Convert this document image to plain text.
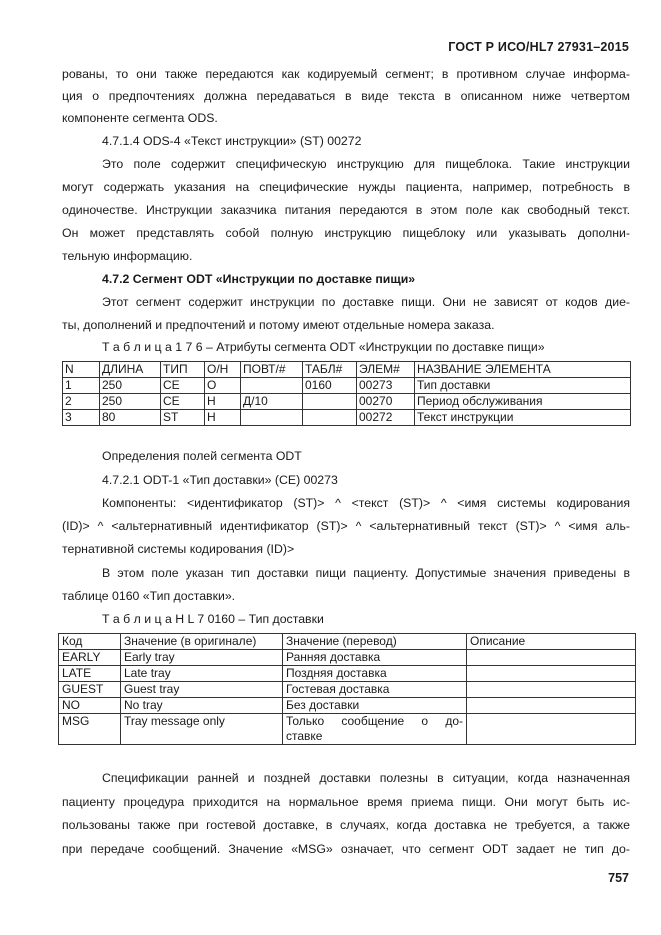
ГОСТ Р ИСО/HL7 27931–2015
рованы, то они также передаются как кодируемый сегмент; в противном случае информа-
ция о предпочтениях должна передаваться в виде текста в описанном ниже четвертом
компоненте сегмента ODS.
4.7.1.4 ODS-4 «Текст инструкции» (ST) 00272
Это поле содержит специфическую инструкцию для пищеблока. Такие инструкции
могут содержать указания на специфические нужды пациента, например, потребность в
одиночестве. Инструкции заказчика питания передаются в этом поле как свободный текст.
Он может представлять собой полную инструкцию пищеблоку или указывать дополни-
тельную информацию.
4.7.2 Сегмент ODT «Инструкции по доставке пищи»
Этот сегмент содержит инструкции по доставке пищи. Они не зависят от кодов дие-
ты, дополнений и предпочтений и потому имеют отдельные номера заказа.
Т а б л и ц а 1 7 6 – Атрибуты сегмента ODT «Инструкции по доставке пищи»
N	ДЛИНА	ТИП	О/Н	ПОВТ/#	ТАБЛ#	ЭЛЕМ#	НАЗВАНИЕ ЭЛЕМЕНТА
1	250	CE	О		0160	00273	Тип доставки
2	250	CE	Н	Д/10		00270	Период обслуживания
3	80	ST	Н			00272	Текст инструкции
Определения полей сегмента ODT
4.7.2.1 ODT-1 «Тип доставки» (CE) 00273
Компоненты: <идентификатор (ST)> ^ <текст (ST)> ^ <имя системы кодирования
(ID)> ^ <альтернативный идентификатор (ST)> ^ <альтернативный текст (ST)> ^ <имя аль-
тернативной системы кодирования (ID)>
В этом поле указан тип доставки пищи пациенту. Допустимые значения приведены в
таблице 0160 «Тип доставки».
Т а б л и ц а H L 7 0160 – Тип доставки
Код	Значение (в оригинале)	Значение (перевод)	Описание
EARLY	Early tray	Ранняя доставка	
LATE	Late tray	Поздняя доставка	
GUEST	Guest tray	Гостевая доставка	
NO	No tray	Без доставки	
MSG	Tray message only	Только сообщение о до-
ставке	

Спецификации ранней и поздней доставки полезны в ситуации, когда назначенная
пациенту процедура приходится на нормальное время приема пищи. Они могут быть ис-
пользованы также при гостевой доставке, в случаях, когда доставка не требуется, а также
при передаче сообщений. Значение «MSG» означает, что сегмент ODT задает не тип до-
757
